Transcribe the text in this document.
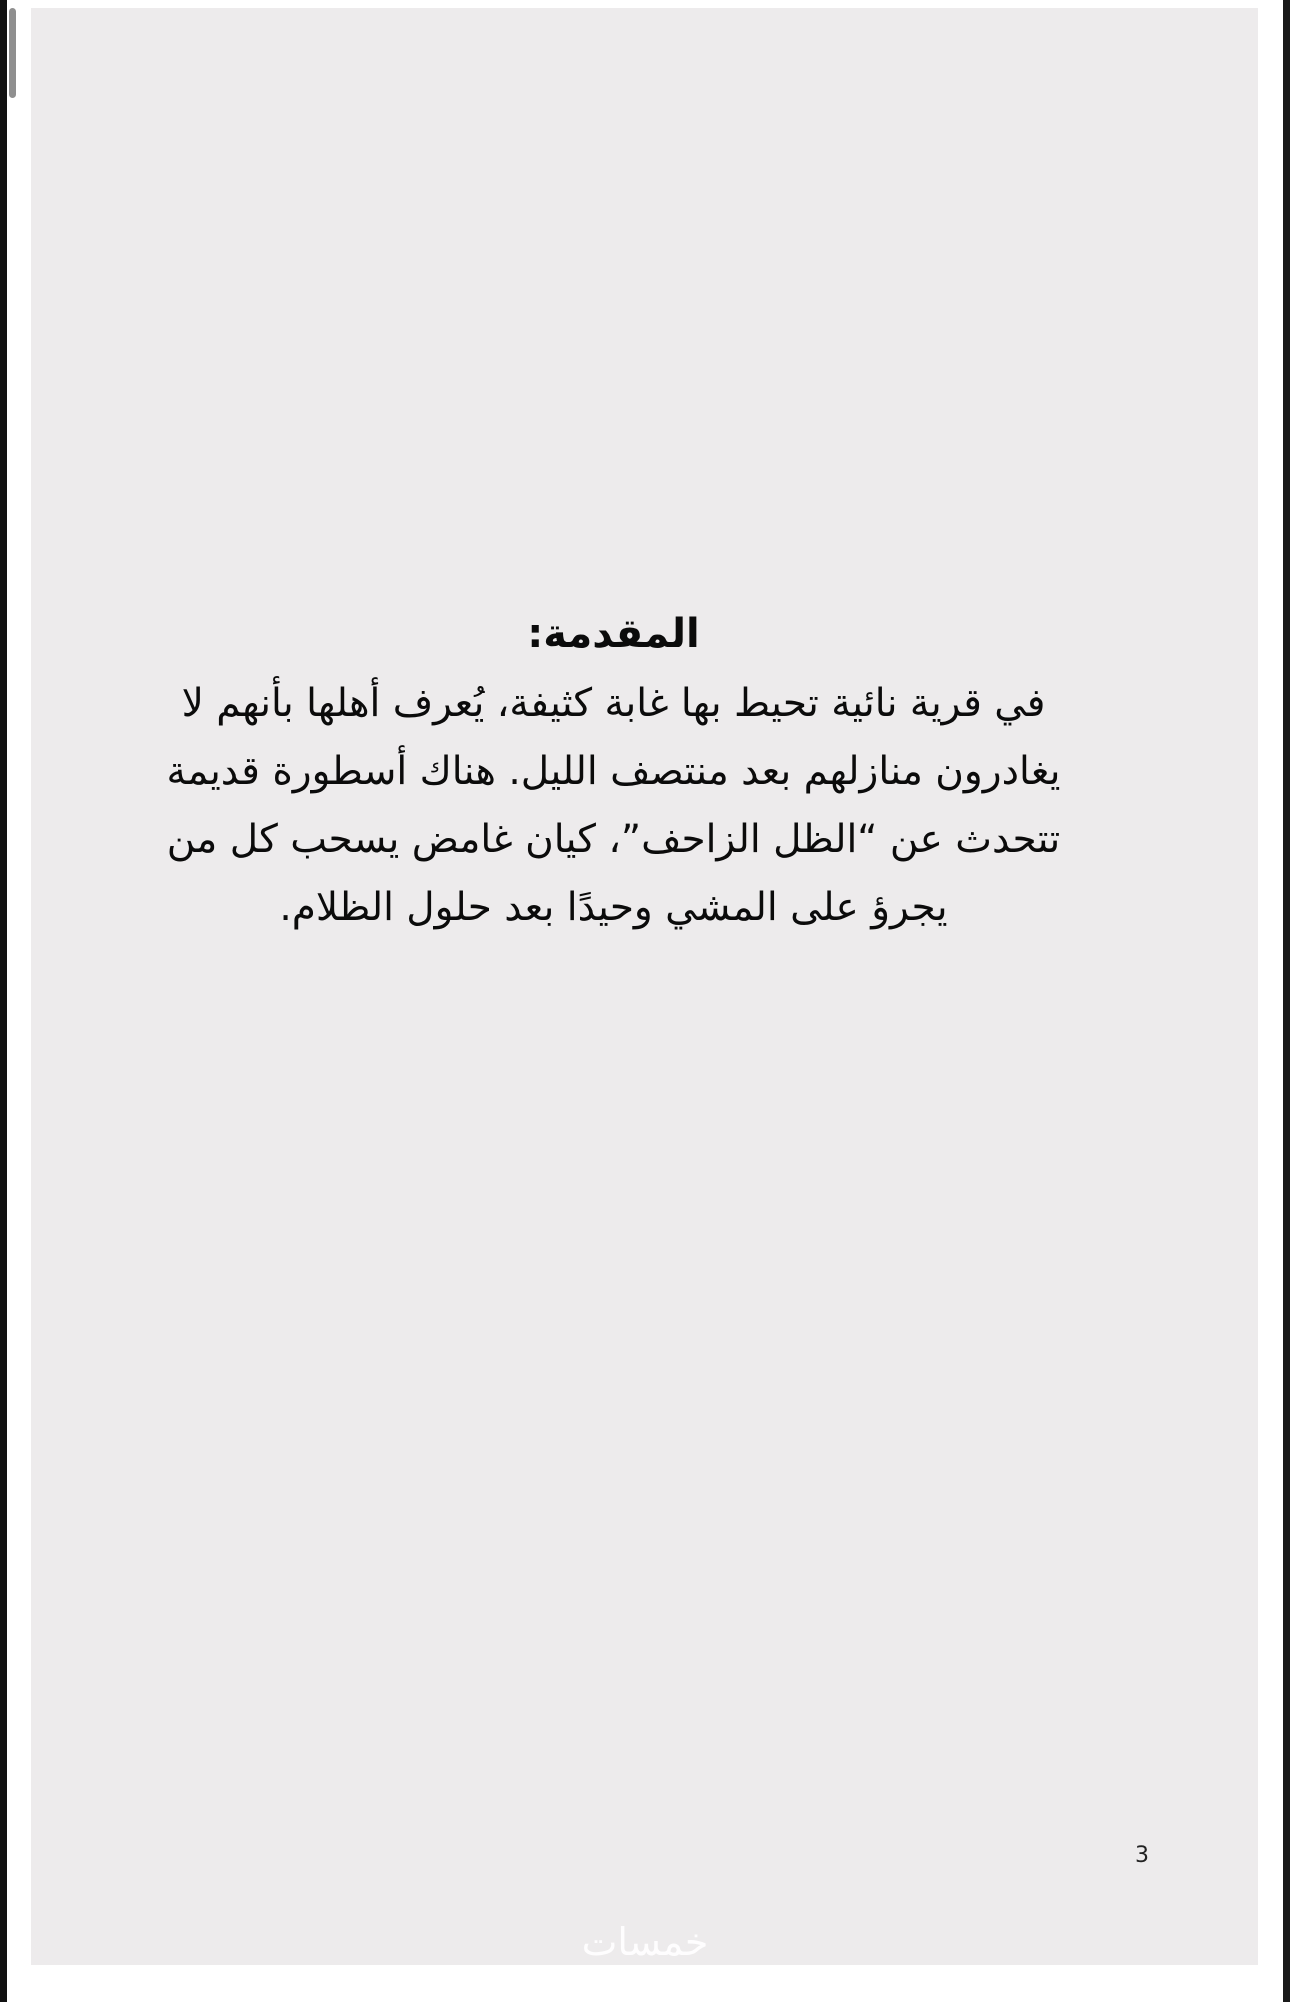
المقدمة:

في قرية نائية تحيط بها غابة كثيفة، يُعرف أهلها بأنهم لا
يغادرون منازلهم بعد منتصف الليل. هناك أسطورة قديمة
تتحدث عن “الظل الزاحف”، كيان غامض يسحب كل من
يجرؤ على المشي وحيدًا بعد حلول الظلام.

3
خمسات
